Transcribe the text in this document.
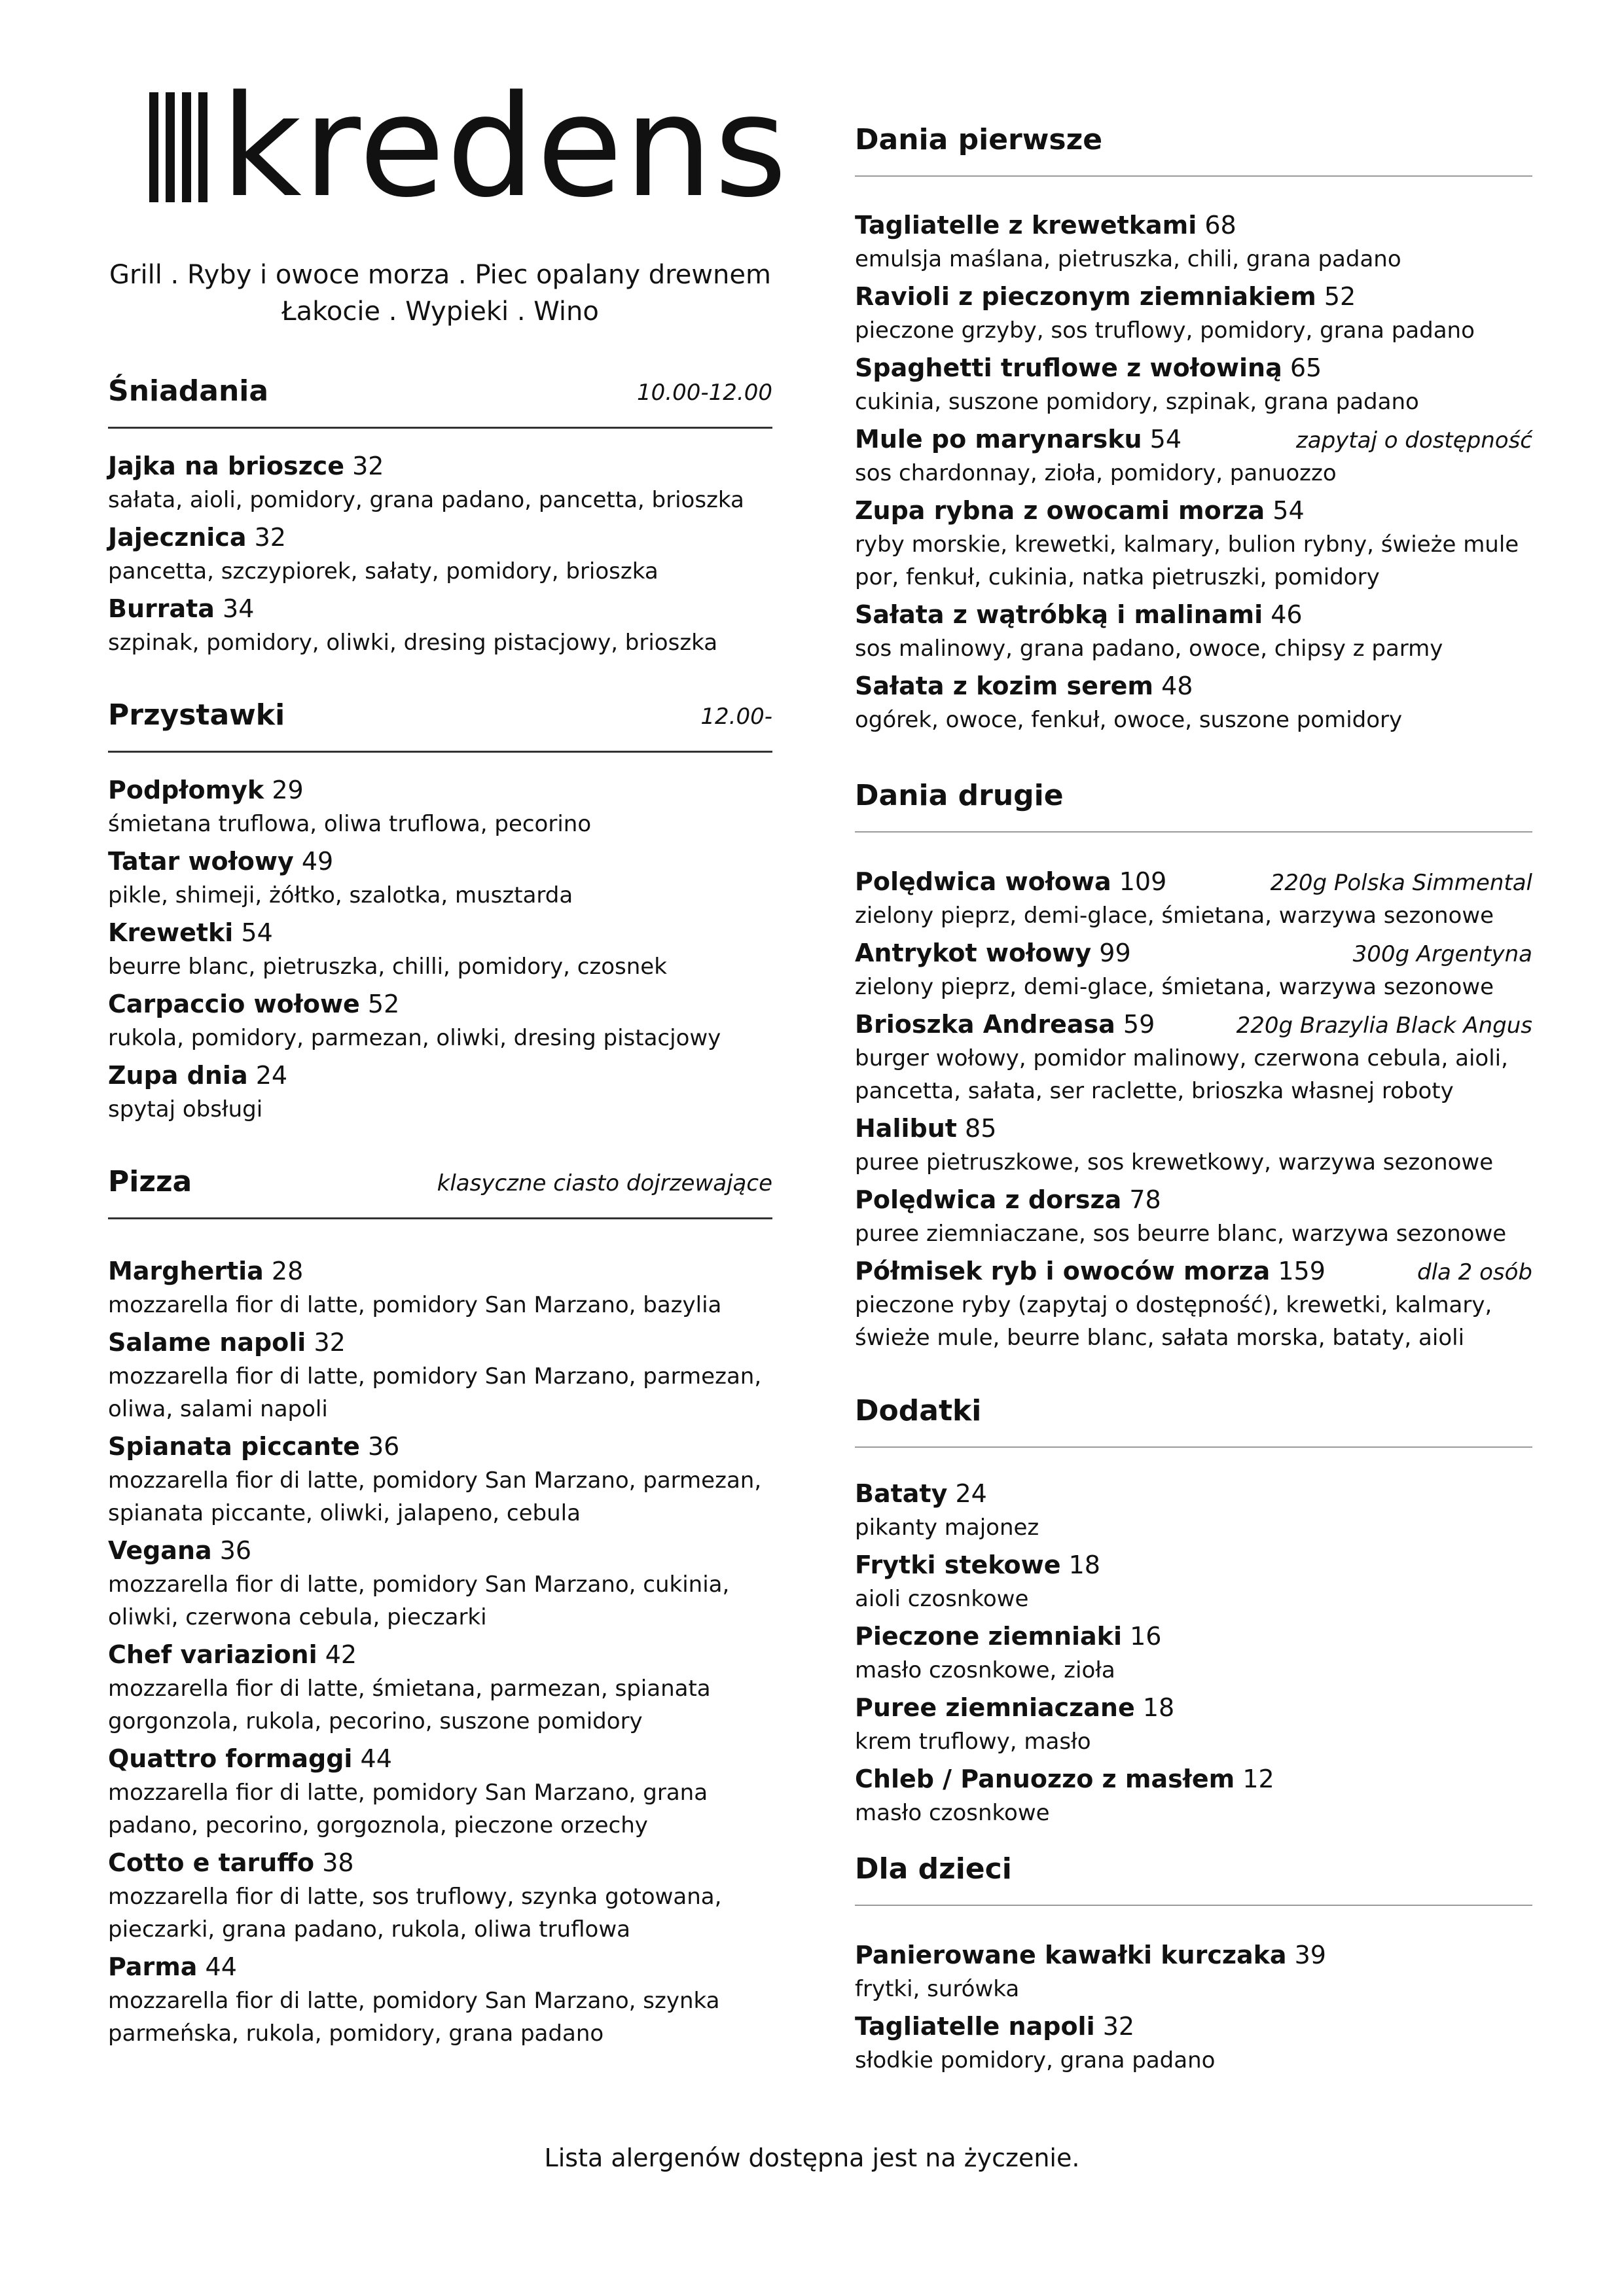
kredens
Grill . Ryby i owoce morza . Piec opalany drewnem
Łakocie . Wypieki . Wino
Śniadania	10.00-12.00
Jajka na brioszce 32
sałata, aioli, pomidory, grana padano, pancetta, brioszka
Jajecznica 32
pancetta, szczypiorek, sałaty, pomidory, brioszka
Burrata 34
szpinak, pomidory, oliwki, dresing pistacjowy, brioszka
Przystawki	12.00-
Podpłomyk 29
śmietana truflowa, oliwa truflowa, pecorino
Tatar wołowy 49
pikle, shimeji, żółtko, szalotka, musztarda
Krewetki 54
beurre blanc, pietruszka, chilli, pomidory, czosnek
Carpaccio wołowe 52
rukola, pomidory, parmezan, oliwki, dresing pistacjowy
Zupa dnia 24
spytaj obsługi
Pizza	klasyczne ciasto dojrzewające
Marghertia 28
mozzarella fior di latte, pomidory San Marzano, bazylia
Salame napoli 32
mozzarella fior di latte, pomidory San Marzano, parmezan,
oliwa, salami napoli
Spianata piccante 36
mozzarella fior di latte, pomidory San Marzano, parmezan,
spianata piccante, oliwki, jalapeno, cebula
Vegana 36
mozzarella fior di latte, pomidory San Marzano, cukinia,
oliwki, czerwona cebula, pieczarki
Chef variazioni 42
mozzarella fior di latte, śmietana, parmezan, spianata
gorgonzola, rukola, pecorino, suszone pomidory
Quattro formaggi 44
mozzarella fior di latte, pomidory San Marzano, grana
padano, pecorino, gorgoznola, pieczone orzechy
Cotto e taruffo 38
mozzarella fior di latte, sos truflowy, szynka gotowana,
pieczarki, grana padano, rukola, oliwa truflowa
Parma 44
mozzarella fior di latte, pomidory San Marzano, szynka
parmeńska, rukola, pomidory, grana padano
Dania pierwsze
Tagliatelle z krewetkami 68
emulsja maślana, pietruszka, chili, grana padano
Ravioli z pieczonym ziemniakiem 52
pieczone grzyby, sos truflowy, pomidory, grana padano
Spaghetti truflowe z wołowiną 65
cukinia, suszone pomidory, szpinak, grana padano
Mule po marynarsku 54	zapytaj o dostępność
sos chardonnay, zioła, pomidory, panuozzo
Zupa rybna z owocami morza 54
ryby morskie, krewetki, kalmary, bulion rybny, świeże mule
por, fenkuł, cukinia, natka pietruszki, pomidory
Sałata z wątróbką i malinami 46
sos malinowy, grana padano, owoce, chipsy z parmy
Sałata z kozim serem 48
ogórek, owoce, fenkuł, owoce, suszone pomidory
Dania drugie
Polędwica wołowa 109	220g Polska Simmental
zielony pieprz, demi-glace, śmietana, warzywa sezonowe
Antrykot wołowy 99	300g Argentyna
zielony pieprz, demi-glace, śmietana, warzywa sezonowe
Brioszka Andreasa 59	220g Brazylia Black Angus
burger wołowy, pomidor malinowy, czerwona cebula, aioli,
pancetta, sałata, ser raclette, brioszka własnej roboty
Halibut 85
puree pietruszkowe, sos krewetkowy, warzywa sezonowe
Polędwica z dorsza 78
puree ziemniaczane, sos beurre blanc, warzywa sezonowe
Półmisek ryb i owoców morza 159	dla 2 osób
pieczone ryby (zapytaj o dostępność), krewetki, kalmary,
świeże mule, beurre blanc, sałata morska, bataty, aioli
Dodatki
Bataty 24
pikanty majonez
Frytki stekowe 18
aioli czosnkowe
Pieczone ziemniaki 16
masło czosnkowe, zioła
Puree ziemniaczane 18
krem truflowy, masło
Chleb / Panuozzo z masłem 12
masło czosnkowe
Dla dzieci
Panierowane kawałki kurczaka 39
frytki, surówka
Tagliatelle napoli 32
słodkie pomidory, grana padano
Lista alergenów dostępna jest na życzenie.
